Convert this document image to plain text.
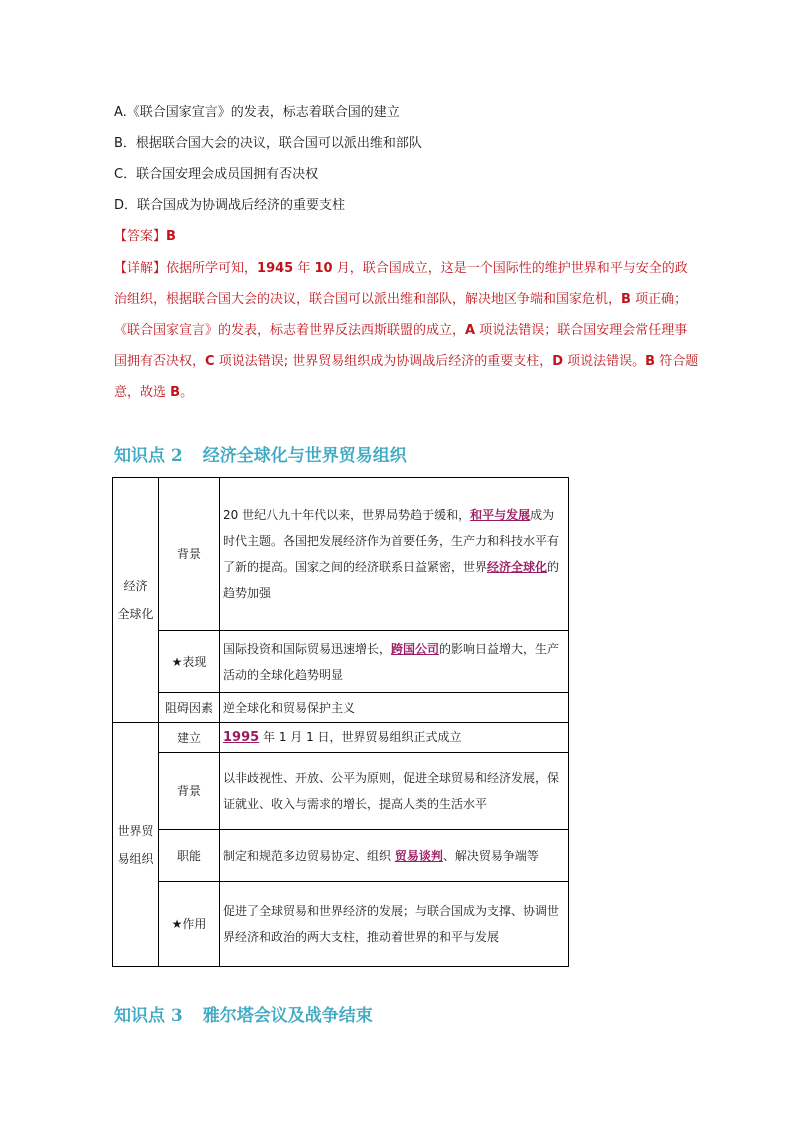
A.《联合国家宣言》的发表，标志着联合国的建立
B．根据联合国大会的决议，联合国可以派出维和部队
C．联合国安理会成员国拥有否决权
D．联合国成为协调战后经济的重要支柱
【答案】B
【详解】依据所学可知，1945 年 10 月，联合国成立，这是一个国际性的维护世界和平与安全的政治组织，根据联合国大会的决议，联合国可以派出维和部队，解决地区争端和国家危机，B 项正确；《联合国家宣言》的发表，标志着世界反法西斯联盟的成立，A 项说法错误；联合国安理会常任理事国拥有否决权，C 项说法错误; 世界贸易组织成为协调战后经济的重要支柱，D 项说法错误。B 符合题意，故选 B。
知识点 2 经济全球化与世界贸易组织
经济
全球化	背景	20 世纪八九十年代以来，世界局势趋于缓和，和平与发展成为时代主题。各国把发展经济作为首要任务，生产力和科技水平有了新的提高。国家之间的经济联系日益紧密，世界经济全球化的趋势加强
	★表现	国际投资和国际贸易迅速增长，跨国公司的影响日益增大，生产活动的全球化趋势明显
	阻碍因素	逆全球化和贸易保护主义

世界贸
易组织	建立	1995 年 1 月 1 日，世界贸易组织正式成立
	背景	以非歧视性、开放、公平为原则，促进全球贸易和经济发展，保证就业、收入与需求的增长，提高人类的生活水平
	职能	制定和规范多边贸易协定、组织 贸易谈判、解决贸易争端等
	★作用	促进了全球贸易和世界经济的发展；与联合国成为支撑、协调世界经济和政治的两大支柱，推动着世界的和平与发展
知识点 3 雅尔塔会议及战争结束
